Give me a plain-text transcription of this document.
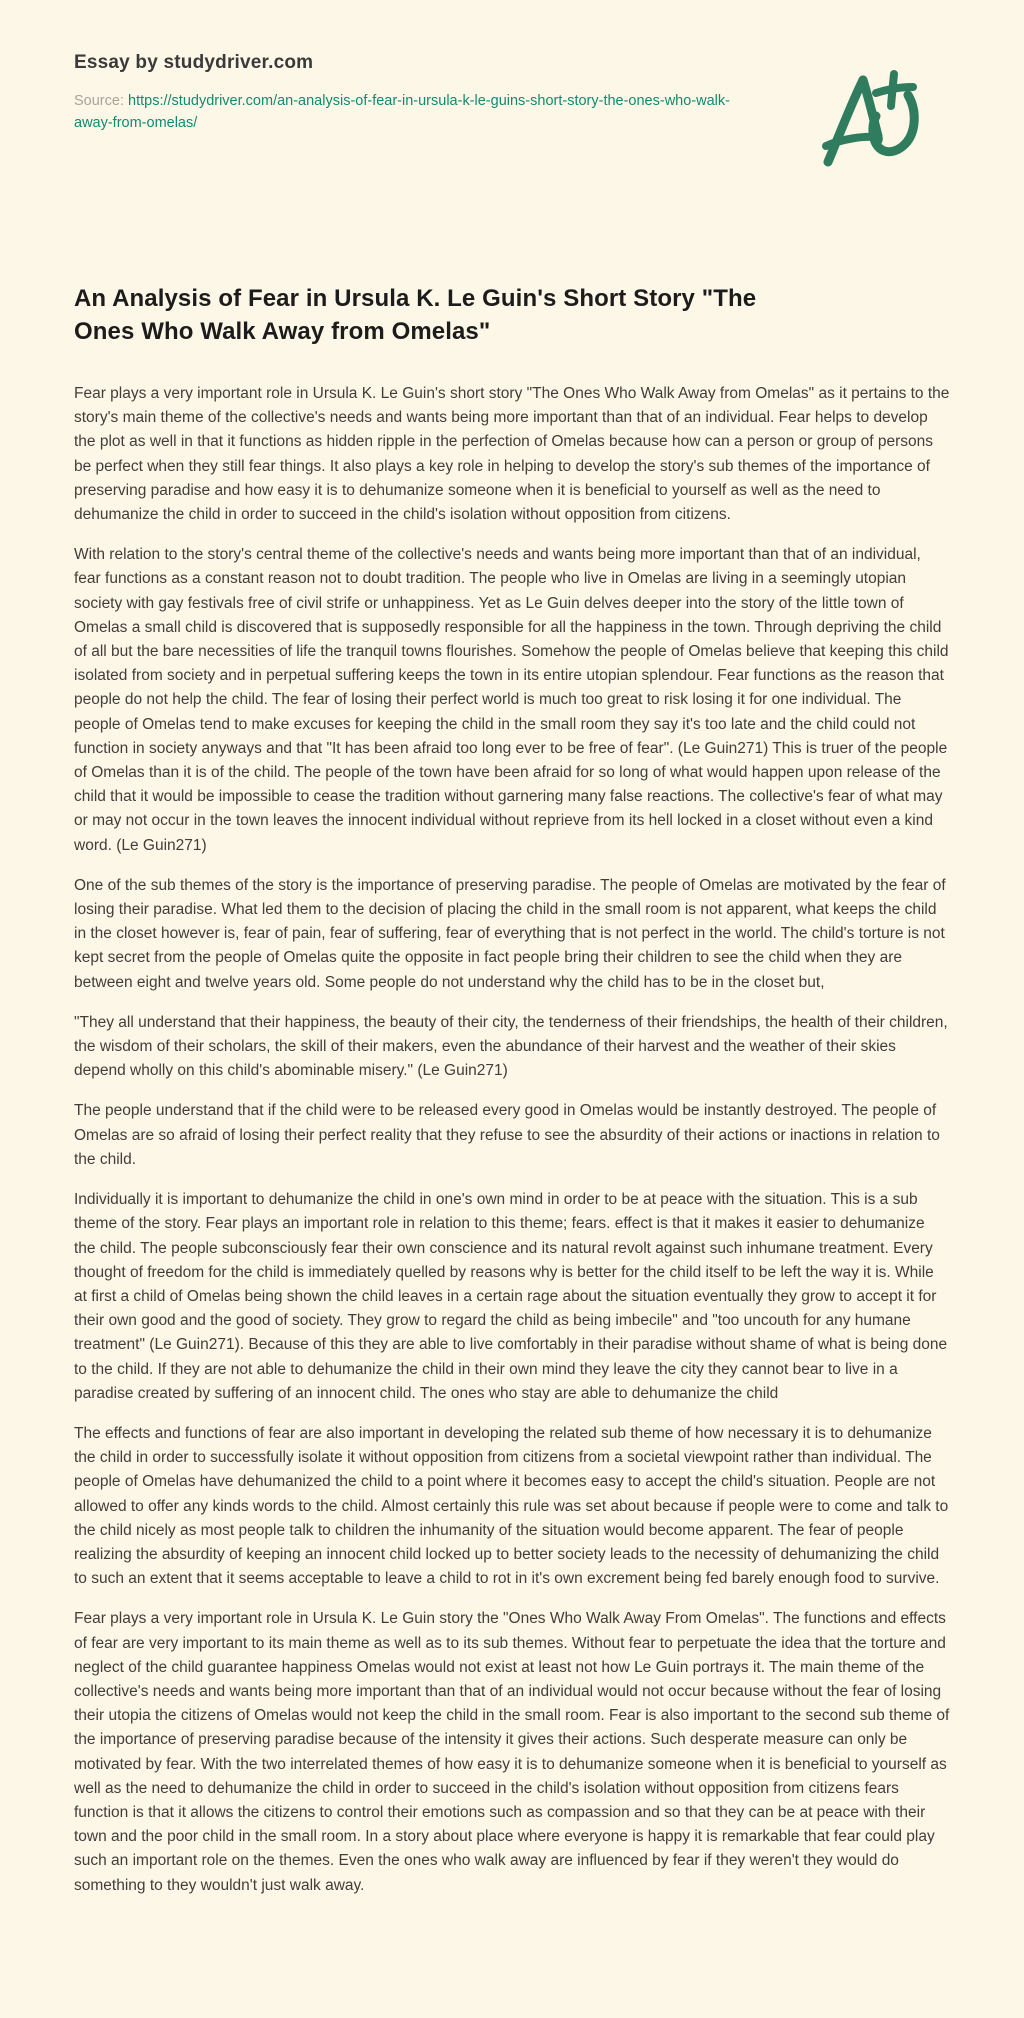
Essay by studydriver.com

Source: https://studydriver.com/an-analysis-of-fear-in-ursula-k-le-guins-short-story-the-ones-who-walk-away-from-omelas/

An Analysis of Fear in Ursula K. Le Guin's Short Story "The Ones Who Walk Away from Omelas"

Fear plays a very important role in Ursula K. Le Guin's short story "The Ones Who Walk Away from Omelas" as it pertains to the story's main theme of the collective's needs and wants being more important than that of an individual. Fear helps to develop the plot as well in that it functions as hidden ripple in the perfection of Omelas because how can a person or group of persons be perfect when they still fear things. It also plays a key role in helping to develop the story's sub themes of the importance of preserving paradise and how easy it is to dehumanize someone when it is beneficial to yourself as well as the need to dehumanize the child in order to succeed in the child's isolation without opposition from citizens.

With relation to the story's central theme of the collective's needs and wants being more important than that of an individual, fear functions as a constant reason not to doubt tradition. The people who live in Omelas are living in a seemingly utopian society with gay festivals free of civil strife or unhappiness. Yet as Le Guin delves deeper into the story of the little town of Omelas a small child is discovered that is supposedly responsible for all the happiness in the town. Through depriving the child of all but the bare necessities of life the tranquil towns flourishes. Somehow the people of Omelas believe that keeping this child isolated from society and in perpetual suffering keeps the town in its entire utopian splendour. Fear functions as the reason that people do not help the child. The fear of losing their perfect world is much too great to risk losing it for one individual. The people of Omelas tend to make excuses for keeping the child in the small room they say it's too late and the child could not function in society anyways and that "It has been afraid too long ever to be free of fear". (Le Guin271) This is truer of the people of Omelas than it is of the child. The people of the town have been afraid for so long of what would happen upon release of the child that it would be impossible to cease the tradition without garnering many false reactions. The collective's fear of what may or may not occur in the town leaves the innocent individual without reprieve from its hell locked in a closet without even a kind word. (Le Guin271)

One of the sub themes of the story is the importance of preserving paradise. The people of Omelas are motivated by the fear of losing their paradise. What led them to the decision of placing the child in the small room is not apparent, what keeps the child in the closet however is, fear of pain, fear of suffering, fear of everything that is not perfect in the world. The child's torture is not kept secret from the people of Omelas quite the opposite in fact people bring their children to see the child when they are between eight and twelve years old. Some people do not understand why the child has to be in the closet but,

"They all understand that their happiness, the beauty of their city, the tenderness of their friendships, the health of their children, the wisdom of their scholars, the skill of their makers, even the abundance of their harvest and the weather of their skies depend wholly on this child's abominable misery." (Le Guin271)

The people understand that if the child were to be released every good in Omelas would be instantly destroyed. The people of Omelas are so afraid of losing their perfect reality that they refuse to see the absurdity of their actions or inactions in relation to the child.

Individually it is important to dehumanize the child in one's own mind in order to be at peace with the situation. This is a sub theme of the story. Fear plays an important role in relation to this theme; fears. effect is that it makes it easier to dehumanize the child. The people subconsciously fear their own conscience and its natural revolt against such inhumane treatment. Every thought of freedom for the child is immediately quelled by reasons why is better for the child itself to be left the way it is. While at first a child of Omelas being shown the child leaves in a certain rage about the situation eventually they grow to accept it for their own good and the good of society. They grow to regard the child as being imbecile" and "too uncouth for any humane treatment" (Le Guin271). Because of this they are able to live comfortably in their paradise without shame of what is being done to the child. If they are not able to dehumanize the child in their own mind they leave the city they cannot bear to live in a paradise created by suffering of an innocent child. The ones who stay are able to dehumanize the child

The effects and functions of fear are also important in developing the related sub theme of how necessary it is to dehumanize the child in order to successfully isolate it without opposition from citizens from a societal viewpoint rather than individual. The people of Omelas have dehumanized the child to a point where it becomes easy to accept the child's situation. People are not allowed to offer any kinds words to the child. Almost certainly this rule was set about because if people were to come and talk to the child nicely as most people talk to children the inhumanity of the situation would become apparent. The fear of people realizing the absurdity of keeping an innocent child locked up to better society leads to the necessity of dehumanizing the child to such an extent that it seems acceptable to leave a child to rot in it's own excrement being fed barely enough food to survive.

Fear plays a very important role in Ursula K. Le Guin story the "Ones Who Walk Away From Omelas". The functions and effects of fear are very important to its main theme as well as to its sub themes. Without fear to perpetuate the idea that the torture and neglect of the child guarantee happiness Omelas would not exist at least not how Le Guin portrays it. The main theme of the collective's needs and wants being more important than that of an individual would not occur because without the fear of losing their utopia the citizens of Omelas would not keep the child in the small room. Fear is also important to the second sub theme of the importance of preserving paradise because of the intensity it gives their actions. Such desperate measure can only be motivated by fear. With the two interrelated themes of how easy it is to dehumanize someone when it is beneficial to yourself as well as the need to dehumanize the child in order to succeed in the child's isolation without opposition from citizens fears function is that it allows the citizens to control their emotions such as compassion and so that they can be at peace with their town and the poor child in the small room. In a story about place where everyone is happy it is remarkable that fear could play such an important role on the themes. Even the ones who walk away are influenced by fear if they weren't they would do something to they wouldn't just walk away.
